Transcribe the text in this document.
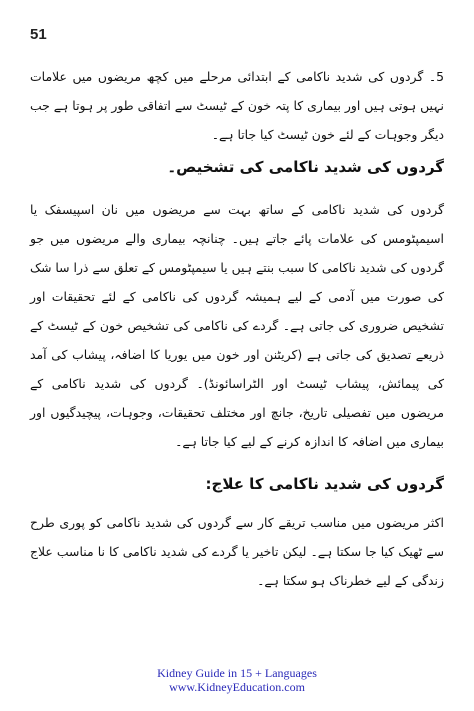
51

5۔ گردوں کی شدید ناکامی کے ابتدائی مرحلے میں کچھ مریضوں میں علامات نہیں ہوتی ہیں اور بیماری کا پتہ خون کے ٹیسٹ سے اتفاقی طور پر ہوتا ہے جب دیگر وجوہات کے لئے خون ٹیسٹ کیا جاتا ہے۔

گردوں کی شدید ناکامی کی تشخیص۔

گردوں کی شدید ناکامی کے ساتھ بہت سے مریضوں میں نان اسپیسفک یا اسیمپٹومس کی علامات پائے جاتے ہیں۔ چنانچہ بیماری والے مریضوں میں جو گردوں کی شدید ناکامی کا سبب بنتے ہیں یا سیمپٹومس کے تعلق سے ذرا سا شک کی صورت میں آدمی کے لیے ہمیشہ گردوں کی ناکامی کے لئے تحقیقات اور تشخیص ضروری کی جاتی ہے۔ گردے کی ناکامی کی تشخیص خون کے ٹیسٹ کے ذریعے تصدیق کی جاتی ہے (کریٹنن اور خون میں یوریا کا اضافہ، پیشاب کی آمد کی پیمائش، پیشاب ٹیسٹ اور الٹراسائونڈ)۔ گردوں کی شدید ناکامی کے مریضوں میں تفصیلی تاریخ، جانچ اور مختلف تحقیقات، وجوہات، پیچیدگیوں اور بیماری میں اضافہ کا اندازہ کرنے کے لیے کیا جاتا ہے۔

گردوں کی شدید ناکامی کا علاج:

اکثر مریضوں میں مناسب تریقے کار سے گردوں کی شدید ناکامی کو پوری طرح سے ٹھیک کیا جا سکتا ہے۔ لیکن تاخیر یا گردے کی شدید ناکامی کا نا مناسب علاج زندگی کے لیے خطرناک ہو سکتا ہے۔

Kidney Guide in 15 + Languages
www.KidneyEducation.com
